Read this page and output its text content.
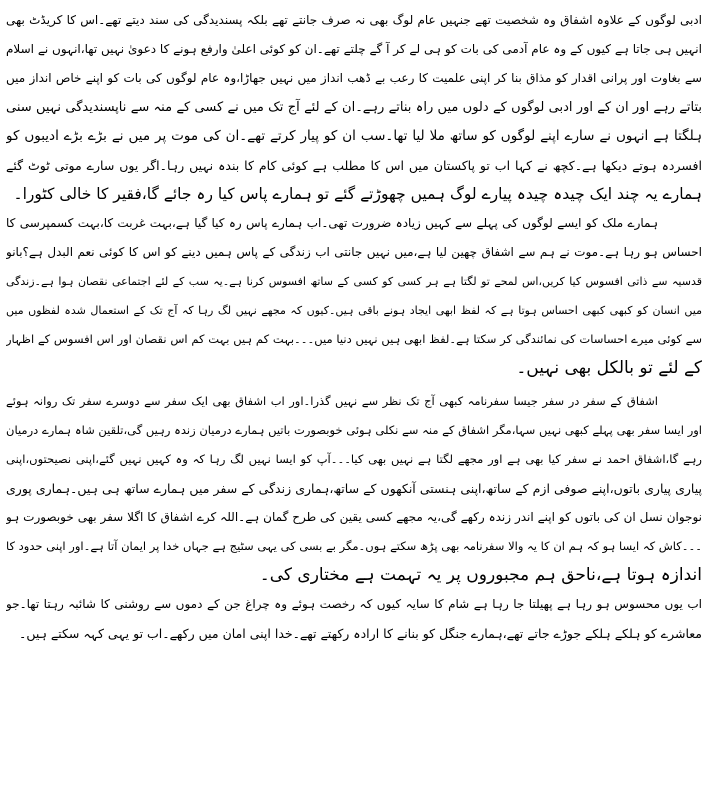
ادبی لوگوں کے علاوہ اشفاق وہ شخصیت تھے جنہیں عام لوگ بھی نہ صرف جانتے تھے بلکہ پسندیدگی کی سند دیتے تھے۔اس کا کریڈٹ بھی
انہیں ہی جاتا ہے کیوں کے وہ عام آدمی کی بات کو ہی لے کر آ گے چلتے تھے۔ان کو کوئی اعلیٰ وارفع ہونے کا دعویٰ نہیں تھا،انہوں نے اسلام
سے بغاوت اور پرانی اقدار کو مذاق بنا کر اپنی علمیت کا رعب بے ڈھب انداز میں نہیں جھاڑا،وہ عام لوگوں کی بات کو اپنے خاص انداز میں
بتاتے رہے اور ان کے اور ادبی لوگوں کے دلوں میں راہ بناتے رہے۔ان کے لئے آج تک میں نے کسی کے منہ سے ناپسندیدگی نہیں سنی
ہلگتا ہے انہوں نے سارے اپنے لوگوں کو ساتھ ملا لیا تھا۔سب ان کو پیار کرتے تھے۔ان کی موت پر میں نے بڑے بڑے ادیبوں کو
افسردہ ہوتے دیکھا ہے۔کچھ نے کہا اب تو پاکستان میں اس کا مطلب ہے کوئی کام کا بندہ نہیں رہا۔اگر یوں سارے موتی ٹوٹ گئے
ہمارے یہ چند ایک چیدہ چیدہ پیارے لوگ ہمیں چھوڑتے گئے تو ہمارے پاس کیا رہ جائے گا،فقیر کا خالی کٹورا۔
ہمارے ملک کو ایسے لوگوں کی پہلے سے کہیں زیادہ ضرورت تھی۔اب ہمارے پاس رہ کیا گیا ہے،بہت غربت کا،بہت کسمپرسی کا
احساس ہو رہا ہے۔موت نے ہم سے اشفاق چھین لیا ہے،میں نہیں جانتی اب زندگی کے پاس ہمیں دینے کو اس کا کوئی نعم البدل ہے؟بانو
قدسیہ سے ذاتی افسوس کیا کریں،اس لمحے تو لگتا ہے ہر کسی کو کسی کے ساتھ افسوس کرنا ہے۔یہ سب کے لئے اجتماعی نقصان ہوا ہے۔زندگی
میں انسان کو کبھی کبھی احساس ہوتا ہے کہ لفظ ابھی ایجاد ہونے باقی ہیں۔کیوں کہ مجھے نہیں لگ رہا کہ آج تک کے استعمال شدہ لفظوں میں
سے کوئی میرے احساسات کی نمائندگی کر سکتا ہے۔لفظ ابھی ہیں نہیں دنیا میں۔۔۔بہت کم ہیں بہت کم اس نقصان اور اس افسوس کے اظہار
کے لئے تو بالکل بھی نہیں۔
اشفاق کے سفر در سفر جیسا سفرنامہ کبھی آج تک نظر سے نہیں گذرا۔اور اب اشفاق بھی ایک سفر سے دوسرے سفر تک روانہ ہوئے
اور ایسا سفر بھی پہلے کبھی نہیں سہا،مگر اشفاق کے منہ سے نکلی ہوئی خوبصورت باتیں ہمارے درمیان زندہ رہیں گی،تلقین شاہ ہمارے درمیان
رہے گا،اشفاق احمد نے سفر کیا بھی ہے اور مجھے لگتا ہے نہیں بھی کیا۔۔۔آپ کو ایسا نہیں لگ رہا کہ وہ کہیں نہیں گئے،اپنی نصیحتوں،اپنی
پیاری پیاری باتوں،اپنے صوفی ازم کے ساتھ،اپنی ہنستی آنکھوں کے ساتھ،ہماری زندگی کے سفر میں ہمارے ساتھ ہی ہیں۔ہماری پوری
نوجوان نسل ان کی باتوں کو اپنے اندر زندہ رکھے گی،یہ مجھے کسی یقین کی طرح گمان ہے۔اللہ کرے اشفاق کا اگلا سفر بھی خوبصورت ہو
۔۔۔کاش کہ ایسا ہو کہ ہم ان کا یہ والا سفرنامہ بھی پڑھ سکتے ہوں۔مگر بے بسی کی یہی سٹیج ہے جہاں خدا پر ایمان آتا ہے۔اور اپنی حدود کا
اندازہ ہوتا ہے،ناحق ہم مجبوروں پر یہ تہمت ہے مختاری کی۔
اب یوں محسوس ہو رہا ہے پھیلتا جا رہا ہے شام کا سایہ کیوں کہ رخصت ہوئے وہ چراغ جن کے دموں سے روشنی کا شائبہ رہتا تھا۔جو
معاشرے کو ہلکے ہلکے جوڑے جاتے تھے،ہمارے جنگل کو بنانے کا ارادہ رکھتے تھے۔خدا اپنی امان میں رکھے۔اب تو یہی کہہ سکتے ہیں۔
